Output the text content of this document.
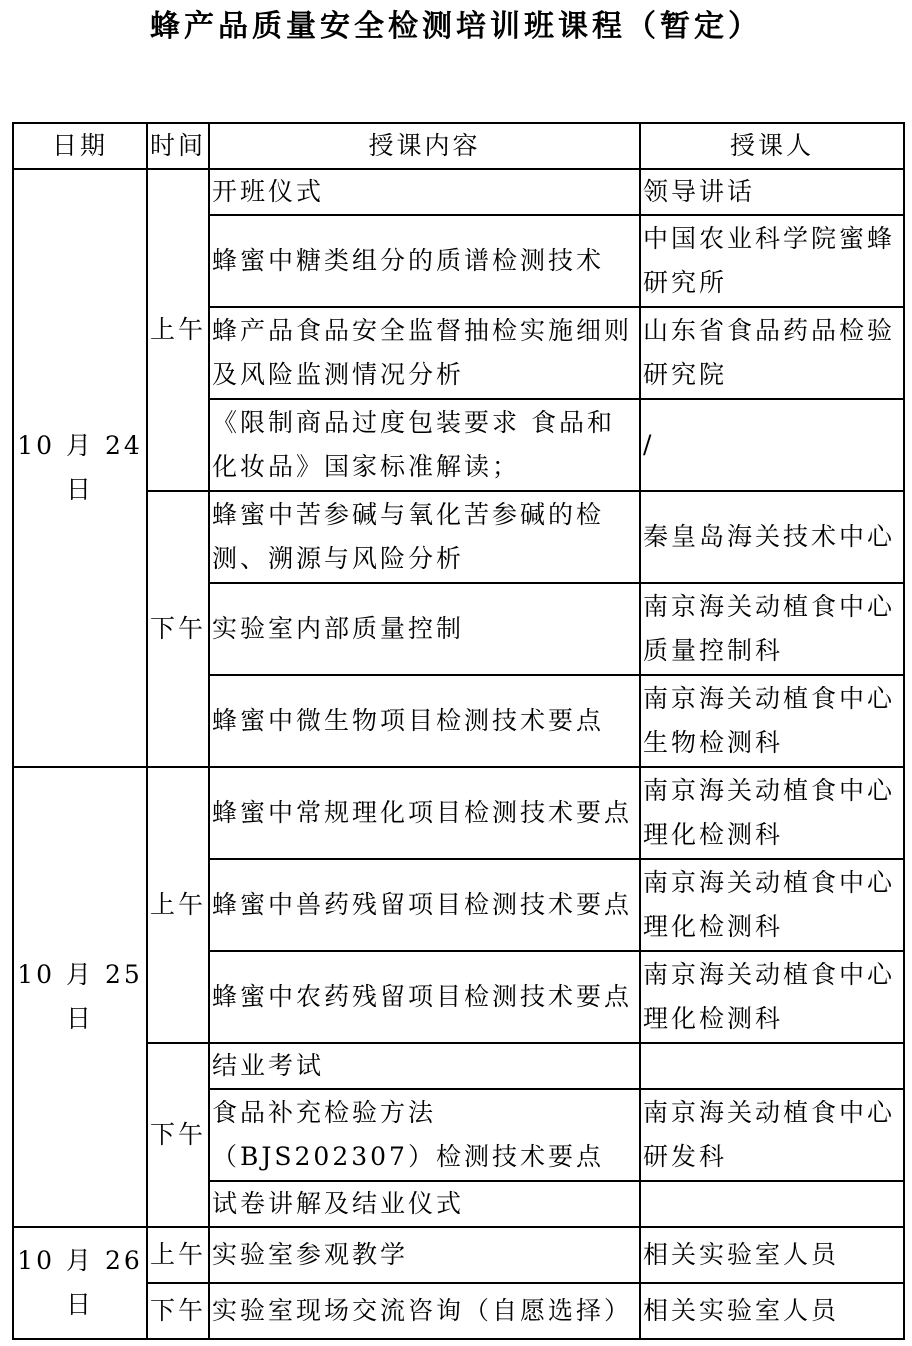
蜂产品质量安全检测培训班课程（暂定）
日期	时间	授课内容	授课人
10 月 24 日	上午	开班仪式	领导讲话
		蜂蜜中糖类组分的质谱检测技术	中国农业科学院蜜蜂研究所
		蜂产品食品安全监督抽检实施细则及风险监测情况分析	山东省食品药品检验研究院
		《限制商品过度包装要求 食品和化妆品》国家标准解读；	/
	下午	蜂蜜中苦参碱与氧化苦参碱的检测、溯源与风险分析	秦皇岛海关技术中心
		实验室内部质量控制	南京海关动植食中心质量控制科
		蜂蜜中微生物项目检测技术要点	南京海关动植食中心生物检测科
10 月 25 日	上午	蜂蜜中常规理化项目检测技术要点	南京海关动植食中心理化检测科
		蜂蜜中兽药残留项目检测技术要点	南京海关动植食中心理化检测科
		蜂蜜中农药残留项目检测技术要点	南京海关动植食中心理化检测科
	下午	结业考试	
		食品补充检验方法（BJS202307）检测技术要点	南京海关动植食中心研发科
		试卷讲解及结业仪式	
10 月 26 日	上午	实验室参观教学	相关实验室人员
	下午	实验室现场交流咨询（自愿选择）	相关实验室人员
